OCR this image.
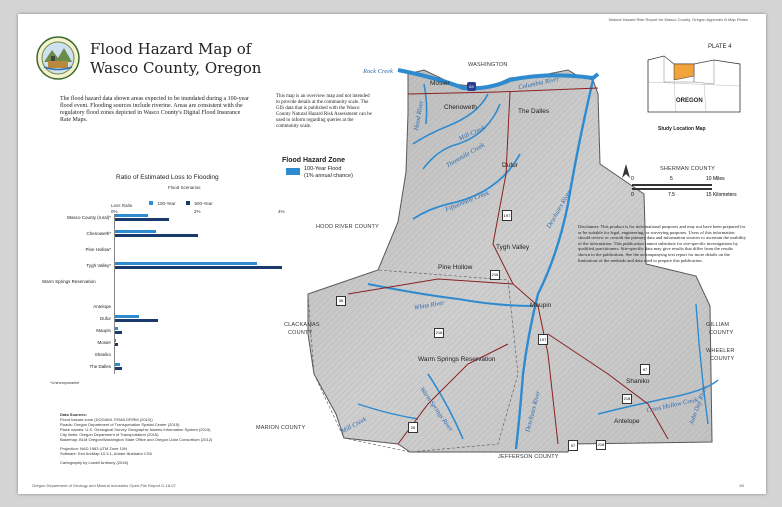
Natural Hazard Risk Report for Wasco County, Oregon Appendix B Map Plates
Flood Hazard Map of
Wasco County, Oregon
The flood hazard data shown areas expected to be inundated during a 100-year flood event. Flooding sources include riverine. Areas are consistent with the regulatory flood zones depicted in Wasco County's Digital Flood Insurance Rate Maps.
This map is an overview map and not intended to provide details at the community scale. The GIS data that is published with the Wasco County Natural Hazard Risk Assessment can be used to inform regarding queries at the community scale.
Ratio of Estimated Loss to Flooding
Flood Scenarios
100-Year	500-Year
Loss Ratio
0%	2%	4%
Wasco County (rural)*
Chenoweth*
Pine Hollow*
Tygh Valley*
Warm Springs Reservation
Antelope
Dufur
Maupin
Mosier
Shaniko
The Dalles
*Unincorporated
Data Sources:
Flood hazard zone (DOGAMI, FEMA DFIRM (2010))
Roads: Oregon Department of Transportation Spatial Center (2015)
Place names: U.S. Geological Survey Geographic Names Information System (2015)
City limits: Oregon Department of Transportation (2015)
Basemap: BLM Oregon/Washington State Office and Oregon Lidar Consortium (2012)
Projection: NAD 1983 UTM Zone 10N
Software: Esri ArcMap 10.3.1, Adobe Illustrator CS6
Cartography by Lowell Anthony (2018)
Oregon Department of Geology and Mineral Industries Open-File Report O-18-07	60
WASHINGTON
SHERMAN COUNTY
HOOD RIVER COUNTY
CLACKAMAS
COUNTY
GILLIAM
COUNTY
WHEELER
COUNTY
MARION COUNTY
JEFFERSON COUNTY
Mosier
Chenoweth
The Dalles
Dufur
Tygh Valley
Pine Hollow
Maupin
Warm Springs Reservation
Shaniko
Antelope
Rock Creek
Columbia River
Mill Creek
Threemile Creek
Fifteenmile Creek	Deschutes River
White River
Warm Springs River
Mill Creek	Deschutes River	Cross Hollow Creek
John Day River
Hood River
84
197
216
35
216
197
97
218
26
97	218
Flood Hazard Zone
100-Year Flood
(1% annual chance)
PLATE 4
OREGON
Study Location Map
0	5	10 Miles
0	7.5	15 Kilometers
Disclaimer: This product is for informational purposes and may not have been prepared for or be suitable for legal, engineering, or surveying purposes. Users of this information should review or consult the primary data and information sources to ascertain the usability of the information. This publication cannot substitute for site-specific investigations by qualified practitioners. Site-specific data may give results that differ from the results shown in the publication. See the accompanying text report for more details on the limitations of the methods and data used to prepare this publication.
